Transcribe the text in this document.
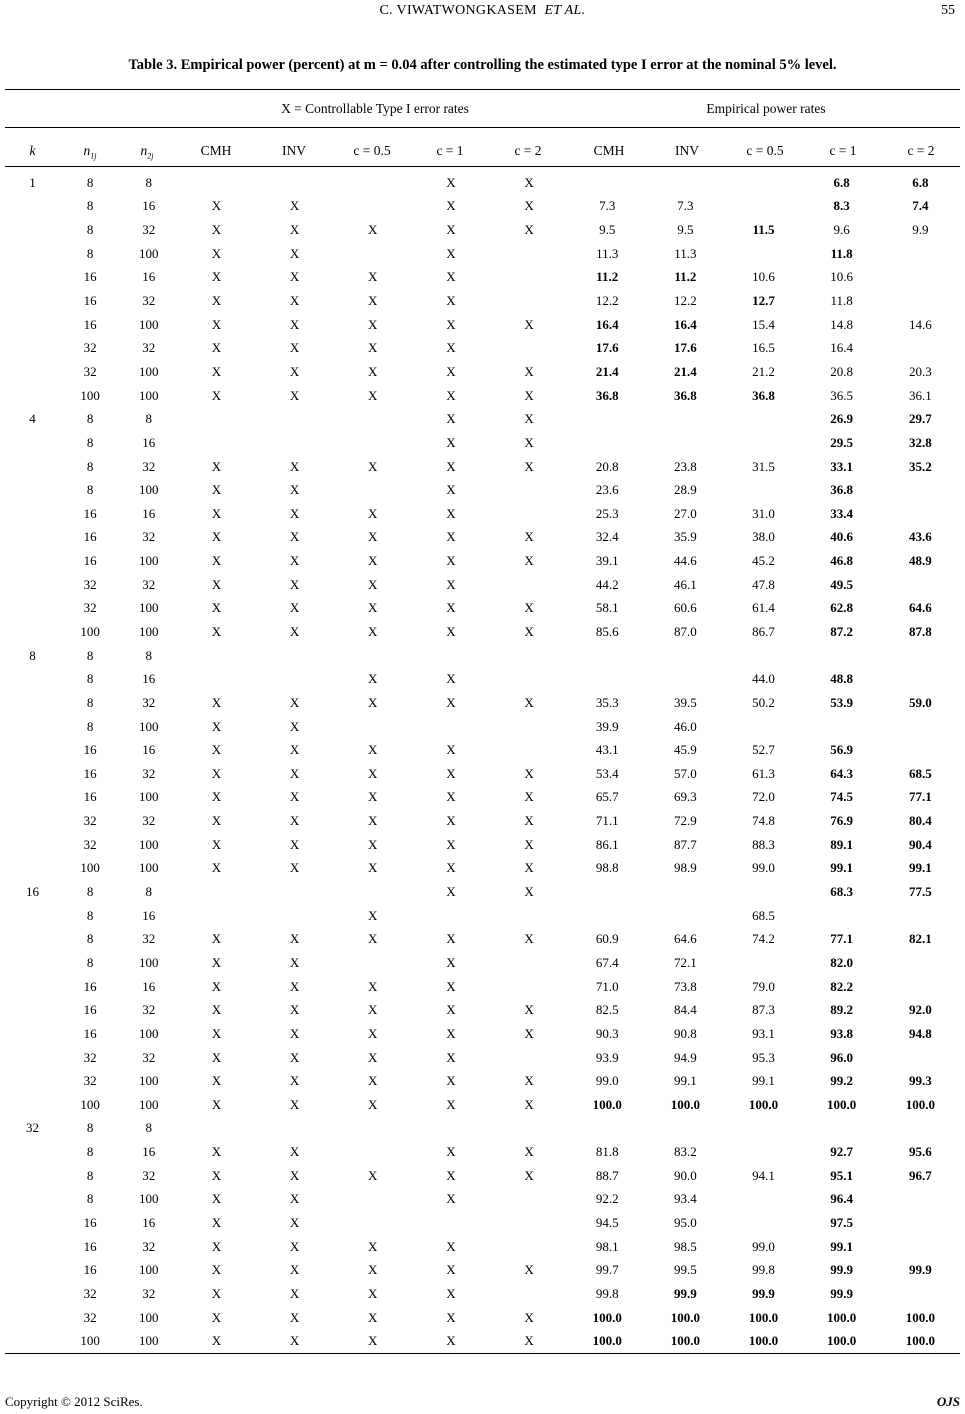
C. VIWATWONGKASEM ET AL.	55
Table 3. Empirical power (percent) at m = 0.04 after controlling the estimated type I error at the nominal 5% level.
X = Controllable Type I error rates	Empirical power rates
k	$n_{1j}$	$n_{2j}$	CMH	INV	c = 0.5	c = 1	c = 2	CMH	INV	c = 0.5	c = 1	c = 2
1	8	8				X	X				6.8	6.8
	8	16	X	X		X	X	7.3	7.3		8.3	7.4
	8	32	X	X	X	X	X	9.5	9.5	11.5	9.6	9.9
	8	100	X	X		X		11.3	11.3		11.8	
	16	16	X	X	X	X		11.2	11.2	10.6	10.6	
	16	32	X	X	X	X		12.2	12.2	12.7	11.8	
	16	100	X	X	X	X	X	16.4	16.4	15.4	14.8	14.6
	32	32	X	X	X	X		17.6	17.6	16.5	16.4	
	32	100	X	X	X	X	X	21.4	21.4	21.2	20.8	20.3
	100	100	X	X	X	X	X	36.8	36.8	36.8	36.5	36.1
4	8	8				X	X				26.9	29.7
	8	16				X	X				29.5	32.8
	8	32	X	X	X	X	X	20.8	23.8	31.5	33.1	35.2
	8	100	X	X		X		23.6	28.9		36.8	
	16	16	X	X	X	X		25.3	27.0	31.0	33.4	
	16	32	X	X	X	X	X	32.4	35.9	38.0	40.6	43.6
	16	100	X	X	X	X	X	39.1	44.6	45.2	46.8	48.9
	32	32	X	X	X	X		44.2	46.1	47.8	49.5	
	32	100	X	X	X	X	X	58.1	60.6	61.4	62.8	64.6
	100	100	X	X	X	X	X	85.6	87.0	86.7	87.2	87.8
8	8	8										
	8	16			X	X				44.0	48.8	
	8	32	X	X	X	X	X	35.3	39.5	50.2	53.9	59.0
	8	100	X	X				39.9	46.0			
	16	16	X	X	X	X		43.1	45.9	52.7	56.9	
	16	32	X	X	X	X	X	53.4	57.0	61.3	64.3	68.5
	16	100	X	X	X	X	X	65.7	69.3	72.0	74.5	77.1
	32	32	X	X	X	X	X	71.1	72.9	74.8	76.9	80.4
	32	100	X	X	X	X	X	86.1	87.7	88.3	89.1	90.4
	100	100	X	X	X	X	X	98.8	98.9	99.0	99.1	99.1
16	8	8				X	X				68.3	77.5
	8	16			X					68.5		
	8	32	X	X	X	X	X	60.9	64.6	74.2	77.1	82.1
	8	100	X	X		X		67.4	72.1		82.0	
	16	16	X	X	X	X		71.0	73.8	79.0	82.2	
	16	32	X	X	X	X	X	82.5	84.4	87.3	89.2	92.0
	16	100	X	X	X	X	X	90.3	90.8	93.1	93.8	94.8
	32	32	X	X	X	X		93.9	94.9	95.3	96.0	
	32	100	X	X	X	X	X	99.0	99.1	99.1	99.2	99.3
	100	100	X	X	X	X	X	100.0	100.0	100.0	100.0	100.0
32	8	8										
	8	16	X	X		X	X	81.8	83.2		92.7	95.6
	8	32	X	X	X	X	X	88.7	90.0	94.1	95.1	96.7
	8	100	X	X		X		92.2	93.4		96.4	
	16	16	X	X				94.5	95.0		97.5	
	16	32	X	X	X	X		98.1	98.5	99.0	99.1	
	16	100	X	X	X	X	X	99.7	99.5	99.8	99.9	99.9
	32	32	X	X	X	X		99.8	99.9	99.9	99.9	
	32	100	X	X	X	X	X	100.0	100.0	100.0	100.0	100.0
	100	100	X	X	X	X	X	100.0	100.0	100.0	100.0	100.0
Copyright © 2012 SciRes.	OJS
